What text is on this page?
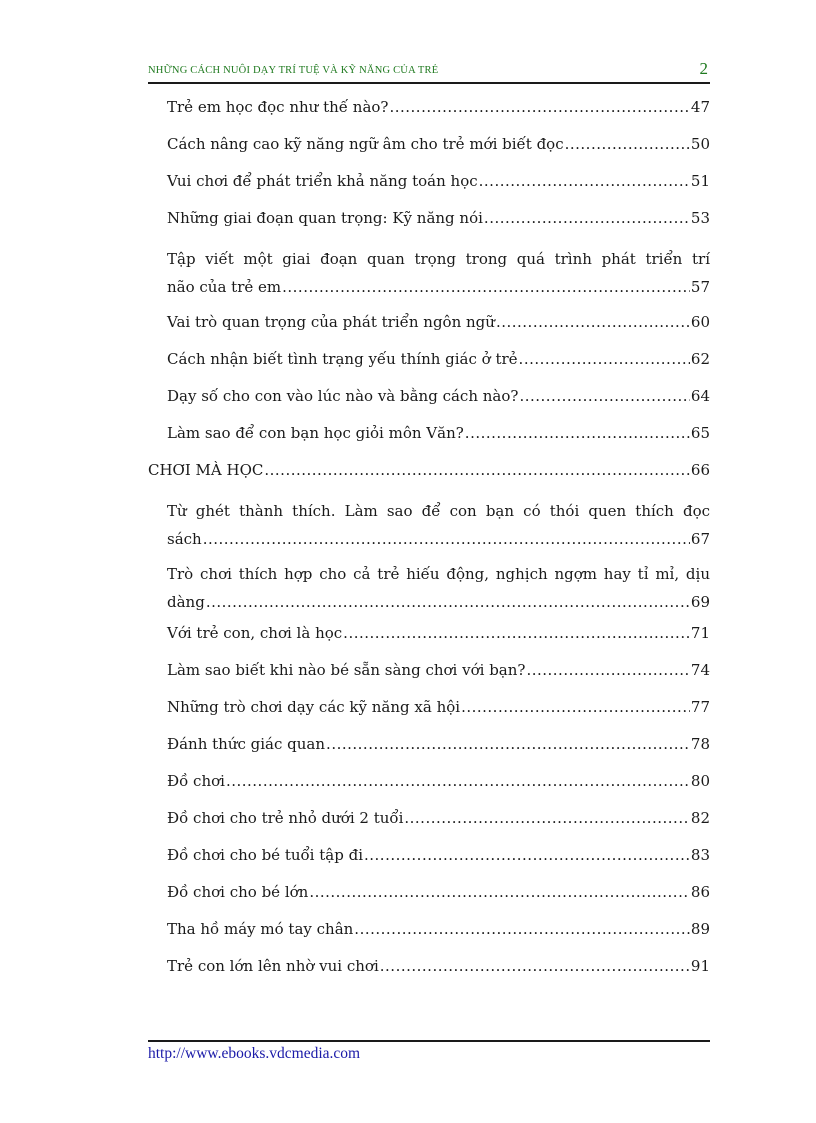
NHỮNG CÁCH NUÔI DẠY TRÍ TUỆ VÀ KỸ NĂNG CỦA TRẺ	2
Trẻ em học đọc như thế nào? .....	47
Cách nâng cao kỹ năng ngữ âm cho trẻ mới biết đọc .....	50
Vui chơi để phát triển khả năng toán học .....	51
Những giai đoạn quan trọng: Kỹ năng nói .....	53
Tập viết một giai đoạn quan trọng trong quá trình phát triển trí
não của trẻ em .....	57
Vai trò quan trọng của phát triển ngôn ngữ .....	60
Cách nhận biết tình trạng yếu thính giác ở trẻ .....	62
Dạy số cho con vào lúc nào và bằng cách nào? .....	64
Làm sao để con bạn học giỏi môn Văn? .....	65
CHƠI MÀ HỌC .....	66
Từ ghét thành thích. Làm sao để con bạn có thói quen thích đọc
sách .....	67
Trò chơi thích hợp cho cả trẻ hiếu động, nghịch ngợm hay tỉ mỉ, dịu
dàng .....	69
Với trẻ con, chơi là học .....	71
Làm sao biết khi nào bé sẵn sàng chơi với bạn? .....	74
Những trò chơi dạy các kỹ năng xã hội .....	77
Đánh thức giác quan .....	78
Đồ chơi .....	80
Đồ chơi cho trẻ nhỏ dưới 2 tuổi .....	82
Đồ chơi cho bé tuổi tập đi .....	83
Đồ chơi cho bé lớn .....	86
Tha hồ máy mó tay chân .....	89
Trẻ con lớn lên nhờ vui chơi .....	91
http://www.ebooks.vdcmedia.com
